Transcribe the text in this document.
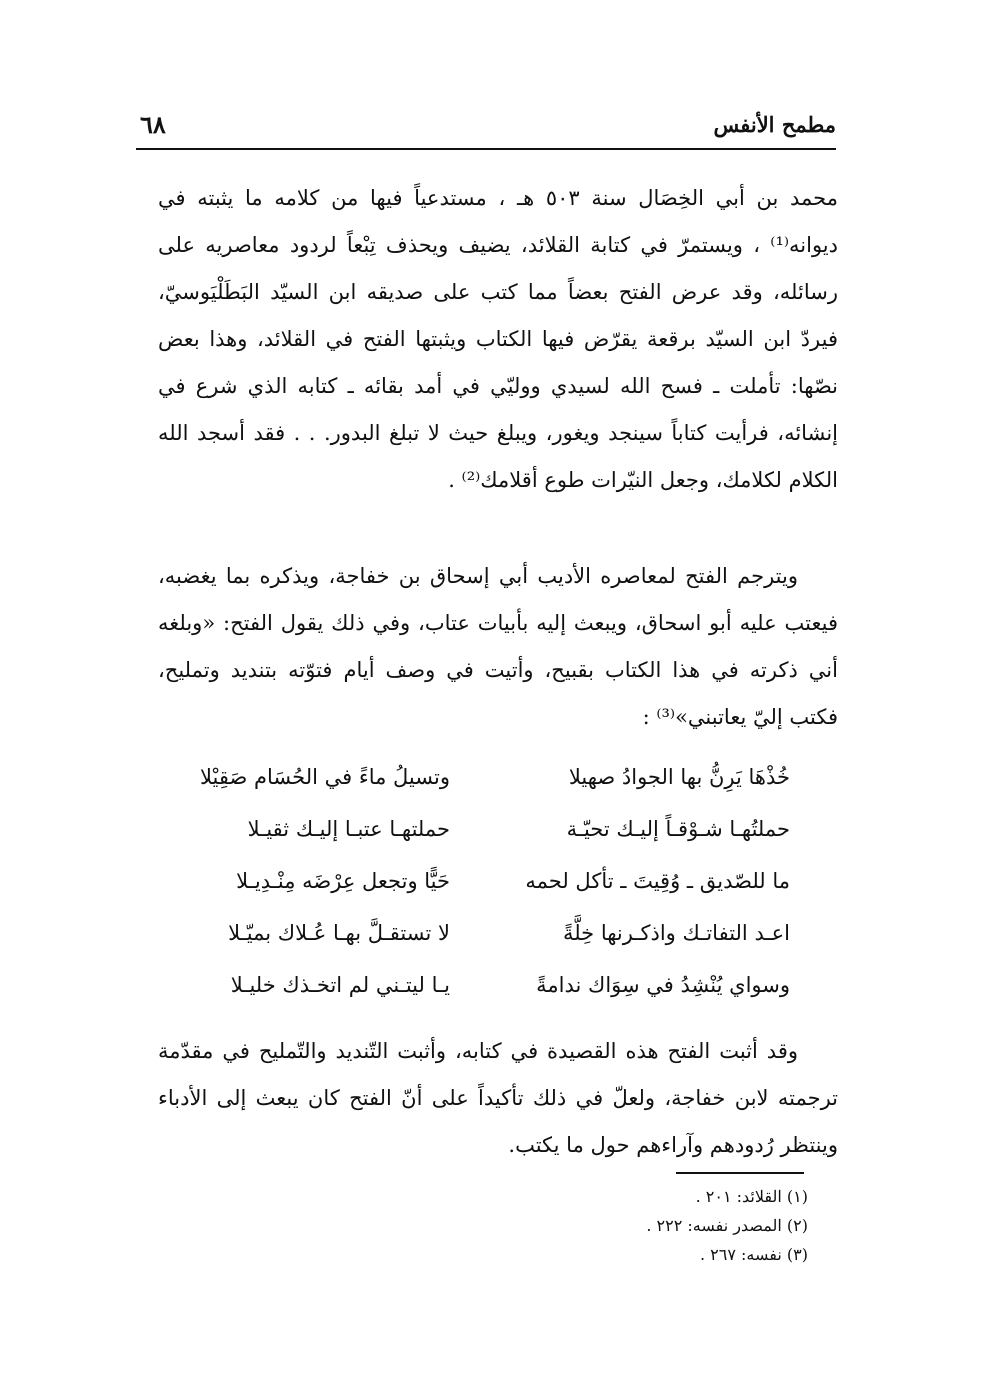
مطمح الأنفس
٦٨

محمد بن أبي الخِصَال سنة ٥٠٣ هـ ، مستدعياً فيها من كلامه ما يثبته في ديوانه⁽¹⁾ ، ويستمرّ في كتابة القلائد، يضيف ويحذف تِبْعاً لردود معاصريه على رسائله، وقد عرض الفتح بعضاً مما كتب على صديقه ابن السيّد البَطَلْيَوسيّ، فيردّ ابن السيّد برقعة يقرّض فيها الكتاب ويثبتها الفتح في القلائد، وهذا بعض نصّها: تأملت ـ فسح الله لسيدي ووليّي في أمد بقائه ـ كتابه الذي شرع في إنشائه، فرأيت كتاباً سينجد ويغور، ويبلغ حيث لا تبلغ البدور. . . فقد أسجد الله الكلام لكلامك، وجعل النيّرات طوع أقلامك⁽²⁾ .

ويترجم الفتح لمعاصره الأديب أبي إسحاق بن خفاجة، ويذكره بما يغضبه، فيعتب عليه أبو اسحاق، ويبعث إليه بأبيات عتاب، وفي ذلك يقول الفتح: «وبلغه أني ذكرته في هذا الكتاب بقبيح، وأتيت في وصف أيام فتوّته بتنديد وتمليح، فكتب إليّ يعاتبني»⁽³⁾ :

خُذْهَا يَرِنُّ بها الجوادُ صهيلا
وتسيلُ ماءً في الحُسَام صَقِيْلا
حملتُهـا شـوْقـاً إليـك تحيّـة
حملتهـا عتبـا إليـك ثقيـلا
ما للصّديق ـ وُقِيتَ ـ تأكل لحمه
حَيًّا وتجعل عِرْضَه مِنْـدِيـلا
اعـد التفاتـك واذكـرنها خِلَّةً
لا تستقـلَّ بهـا عُـلاك بميّـلا
وسواي يُنْشِدُ في سِوَاك ندامةً
يـا ليتـني لم اتخـذك خليـلا

وقد أثبت الفتح هذه القصيدة في كتابه، وأثبت التّنديد والتّمليح في مقدّمة ترجمته لابن خفاجة، ولعلّ في ذلك تأكيداً على أنّ الفتح كان يبعث إلى الأدباء وينتظر رُدودهم وآراءهم حول ما يكتب.

(١) القلائد: ٢٠١ .
(٢) المصدر نفسه: ٢٢٢ .
(٣) نفسه: ٢٦٧ .
